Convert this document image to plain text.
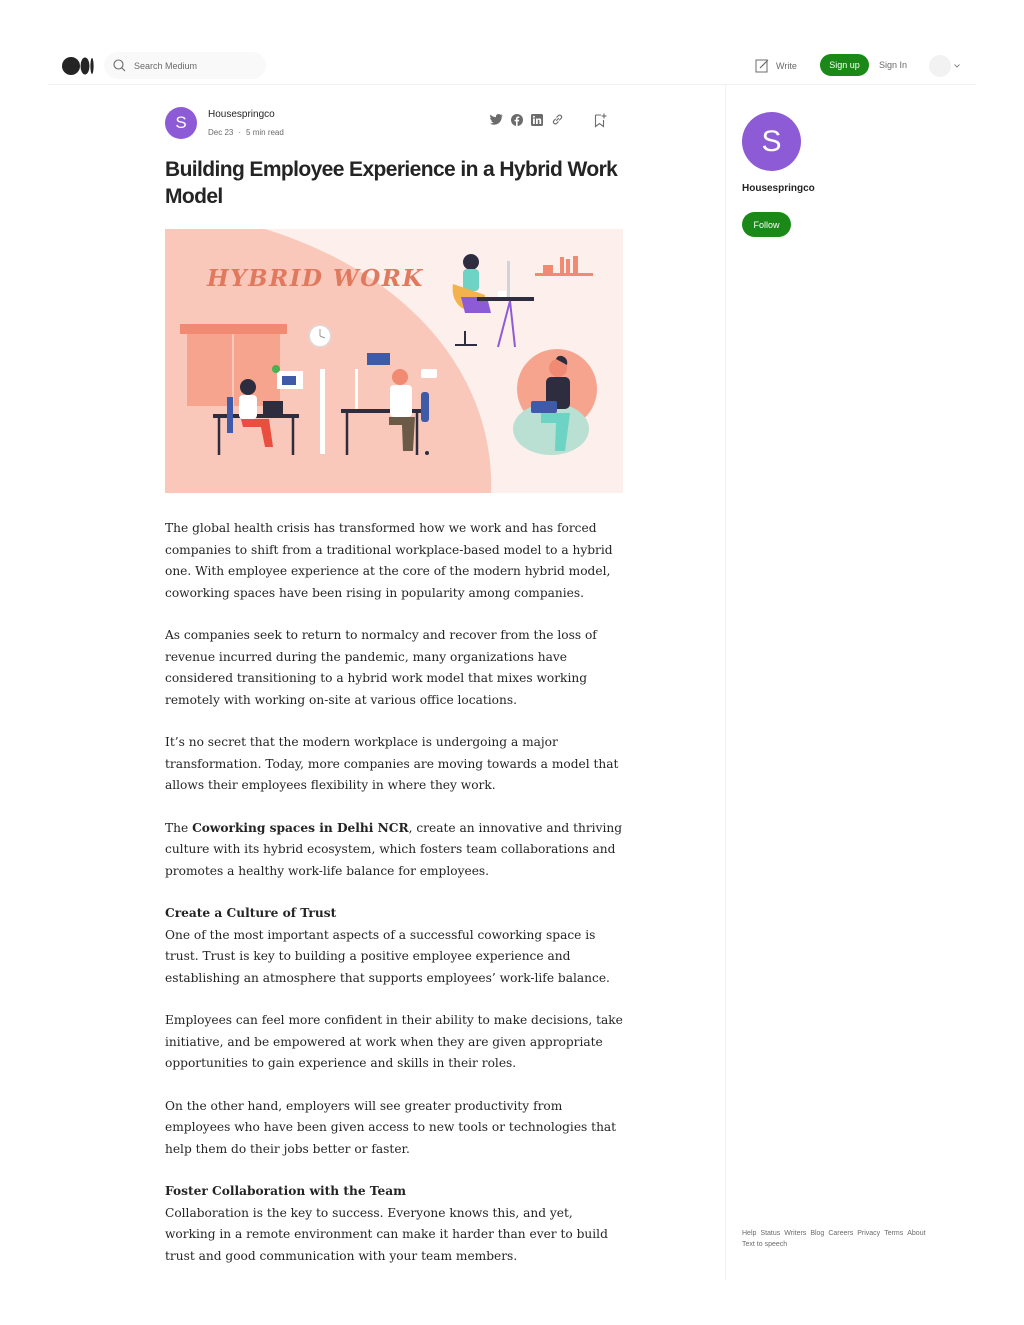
Search Medium
Write	Sign up	Sign In
S	Housespringco
Dec 23 · 5 min read
Building Employee Experience in a Hybrid Work Model
HYBRID WORK

The global health crisis has transformed how we work and has forced companies to shift from a traditional workplace-based model to a hybrid one. With employee experience at the core of the modern hybrid model, coworking spaces have been rising in popularity among companies.

As companies seek to return to normalcy and recover from the loss of revenue incurred during the pandemic, many organizations have considered transitioning to a hybrid work model that mixes working remotely with working on-site at various office locations.

It’s no secret that the modern workplace is undergoing a major transformation. Today, more companies are moving towards a model that allows their employees flexibility in where they work.

The Coworking spaces in Delhi NCR, create an innovative and thriving culture with its hybrid ecosystem, which fosters team collaborations and promotes a healthy work-life balance for employees.

Create a Culture of Trust
One of the most important aspects of a successful coworking space is trust. Trust is key to building a positive employee experience and establishing an atmosphere that supports employees’ work-life balance.

Employees can feel more confident in their ability to make decisions, take initiative, and be empowered at work when they are given appropriate opportunities to gain experience and skills in their roles.

On the other hand, employers will see greater productivity from employees who have been given access to new tools or technologies that help them do their jobs better or faster.

Foster Collaboration with the Team
Collaboration is the key to success. Everyone knows this, and yet, working in a remote environment can make it harder than ever to build trust and good communication with your team members.

S
Housespringco
Follow
Help Status Writers Blog Careers Privacy Terms AboutText to speech
